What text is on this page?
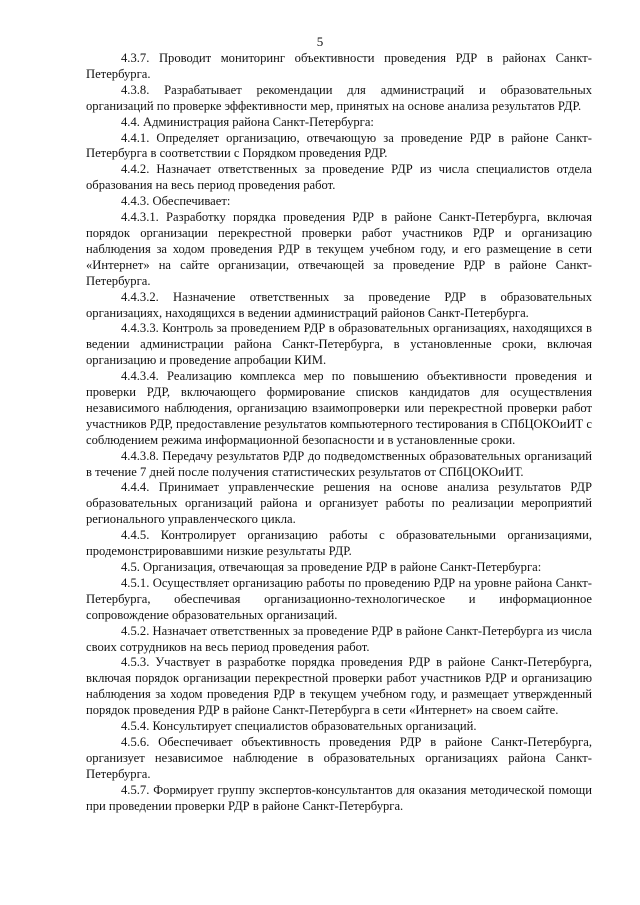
5

4.3.7. Проводит мониторинг объективности проведения РДР в районах Санкт-Петербурга.

4.3.8. Разрабатывает рекомендации для администраций и образовательных организаций по проверке эффективности мер, принятых на основе анализа результатов РДР.

4.4. Администрация района Санкт-Петербурга:

4.4.1. Определяет организацию, отвечающую за проведение РДР в районе Санкт-Петербурга в соответствии с Порядком проведения РДР.

4.4.2. Назначает ответственных за проведение РДР из числа специалистов отдела образования на весь период проведения работ.

4.4.3. Обеспечивает:

4.4.3.1. Разработку порядка проведения РДР в районе Санкт-Петербурга, включая порядок организации перекрестной проверки работ участников РДР и организацию наблюдения за ходом проведения РДР в текущем учебном году, и его размещение в сети «Интернет» на сайте организации, отвечающей за проведение РДР в районе Санкт-Петербурга.

4.4.3.2. Назначение ответственных за проведение РДР в образовательных организациях, находящихся в ведении администраций районов Санкт-Петербурга.

4.4.3.3. Контроль за проведением РДР в образовательных организациях, находящихся в ведении администрации района Санкт-Петербурга, в установленные сроки, включая организацию и проведение апробации КИМ.

4.4.3.4. Реализацию комплекса мер по повышению объективности проведения и проверки РДР, включающего формирование списков кандидатов для осуществления независимого наблюдения, организацию взаимопроверки или перекрестной проверки работ участников РДР, предоставление результатов компьютерного тестирования в СПбЦОКОиИТ с соблюдением режима информационной безопасности и в установленные сроки.

4.4.3.8. Передачу результатов РДР до подведомственных образовательных организаций в течение 7 дней после получения статистических результатов от СПбЦОКОиИТ.

4.4.4. Принимает управленческие решения на основе анализа результатов РДР образовательных организаций района и организует работы по реализации мероприятий регионального управленческого цикла.

4.4.5. Контролирует организацию работы с образовательными организациями, продемонстрировавшими низкие результаты РДР.

4.5. Организация, отвечающая за проведение РДР в районе Санкт-Петербурга:

4.5.1. Осуществляет организацию работы по проведению РДР на уровне района Санкт-Петербурга, обеспечивая организационно-технологическое и информационное сопровождение образовательных организаций.

4.5.2. Назначает ответственных за проведение РДР в районе Санкт-Петербурга из числа своих сотрудников на весь период проведения работ.

4.5.3. Участвует в разработке порядка проведения РДР в районе Санкт-Петербурга, включая порядок организации перекрестной проверки работ участников РДР и организацию наблюдения за ходом проведения РДР в текущем учебном году, и размещает утвержденный порядок проведения РДР в районе Санкт-Петербурга в сети «Интернет» на своем сайте.

4.5.4. Консультирует специалистов образовательных организаций.

4.5.6. Обеспечивает объективность проведения РДР в районе Санкт-Петербурга, организует независимое наблюдение в образовательных организациях района Санкт-Петербурга.

4.5.7. Формирует группу экспертов-консультантов для оказания методической помощи при проведении проверки РДР в районе Санкт-Петербурга.
